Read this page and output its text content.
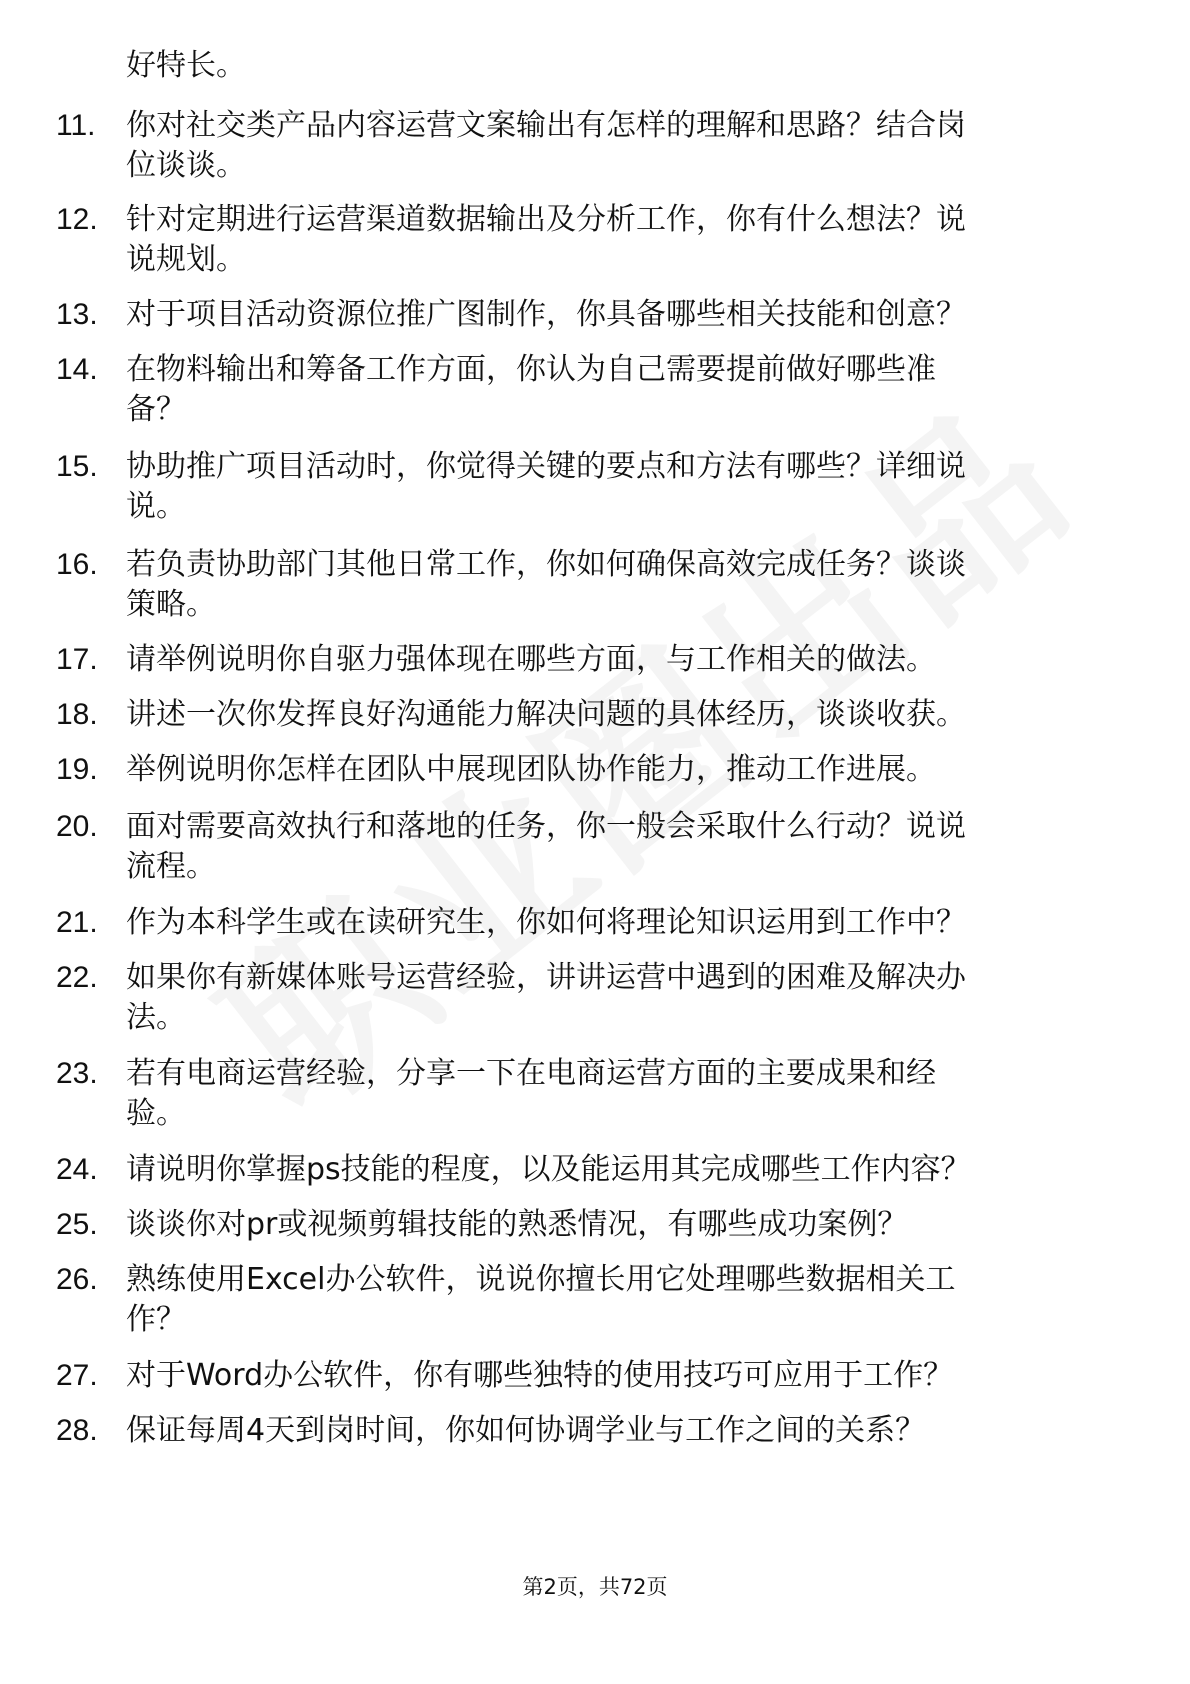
好特长。
11.	你对社交类产品内容运营文案输出有怎样的理解和思路？结合岗
位谈谈。
12. 针对定期进行运营渠道数据输出及分析工作，你有什么想法？说
说规划。
13. 对于项目活动资源位推广图制作，你具备哪些相关技能和创意？
14. 在物料输出和筹备工作方面，你认为自己需要提前做好哪些准
备？
15. 协助推广项目活动时，你觉得关键的要点和方法有哪些？详细说
说。
16. 若负责协助部门其他日常工作，你如何确保高效完成任务？谈谈
策略。
17. 请举例说明你自驱力强体现在哪些方面，与工作相关的做法。
18. 讲述一次你发挥良好沟通能力解决问题的具体经历，谈谈收获。
19. 举例说明你怎样在团队中展现团队协作能力，推动工作进展。
20. 面对需要高效执行和落地的任务，你一般会采取什么行动？说说
流程。
21. 作为本科学生或在读研究生，你如何将理论知识运用到工作中？
22. 如果你有新媒体账号运营经验，讲讲运营中遇到的困难及解决办
法。
23. 若有电商运营经验，分享一下在电商运营方面的主要成果和经
验。
24. 请说明你掌握ps技能的程度，以及能运用其完成哪些工作内容？
25. 谈谈你对pr或视频剪辑技能的熟悉情况，有哪些成功案例？
26. 熟练使用Excel办公软件，说说你擅长用它处理哪些数据相关工
作？
27. 对于Word办公软件，你有哪些独特的使用技巧可应用于工作？
28. 保证每周4天到岗时间，你如何协调学业与工作之间的关系？
第2页，共72页
